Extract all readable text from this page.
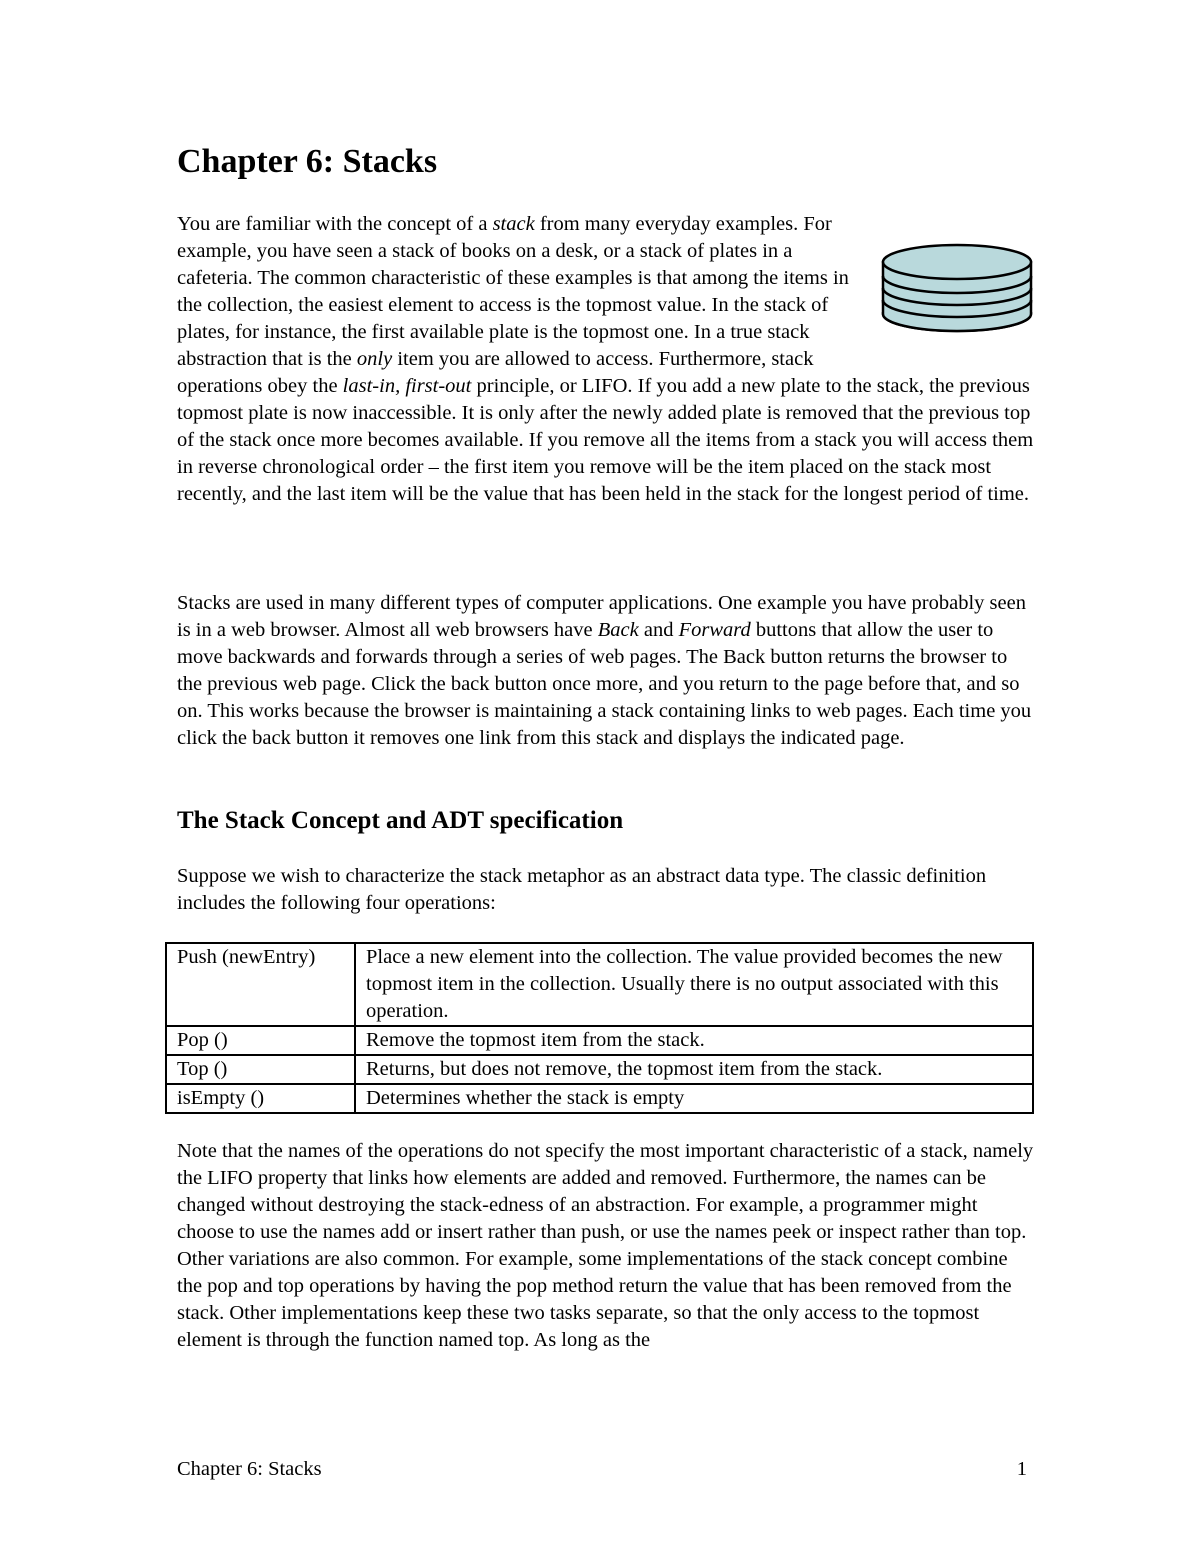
Chapter 6: Stacks

You are familiar with the concept of a stack from many everyday examples. For example, you have seen a stack of books on a desk, or a stack of plates in a cafeteria. The common characteristic of these examples is that among the items in the collection, the easiest element to access is the topmost value. In the stack of plates, for instance, the first available plate is the topmost one. In a true stack abstraction that is the only item you are allowed to access. Furthermore, stack operations obey the last-in, first-out principle, or LIFO. If you add a new plate to the stack, the previous topmost plate is now inaccessible. It is only after the newly added plate is removed that the previous top of the stack once more becomes available. If you remove all the items from a stack you will access them in reverse chronological order – the first item you remove will be the item placed on the stack most recently, and the last item will be the value that has been held in the stack for the longest period of time.

Stacks are used in many different types of computer applications. One example you have probably seen is in a web browser. Almost all web browsers have Back and Forward buttons that allow the user to move backwards and forwards through a series of web pages. The Back button returns the browser to the previous web page. Click the back button once more, and you return to the page before that, and so on. This works because the browser is maintaining a stack containing links to web pages. Each time you click the back button it removes one link from this stack and displays the indicated page.

The Stack Concept and ADT specification

Suppose we wish to characterize the stack metaphor as an abstract data type. The classic definition includes the following four operations:

Push (newEntry)	Place a new element into the collection. The value provided becomes the new topmost item in the collection. Usually there is no output associated with this operation.
Pop ()	Remove the topmost item from the stack.
Top ()	Returns, but does not remove, the topmost item from the stack.
isEmpty ()	Determines whether the stack is empty

Note that the names of the operations do not specify the most important characteristic of a stack, namely the LIFO property that links how elements are added and removed. Furthermore, the names can be changed without destroying the stack-edness of an abstraction. For example, a programmer might choose to use the names add or insert rather than push, or use the names peek or inspect rather than top. Other variations are also common. For example, some implementations of the stack concept combine the pop and top operations by having the pop method return the value that has been removed from the stack. Other implementations keep these two tasks separate, so that the only access to the topmost element is through the function named top. As long as the

Chapter 6: Stacks	1
